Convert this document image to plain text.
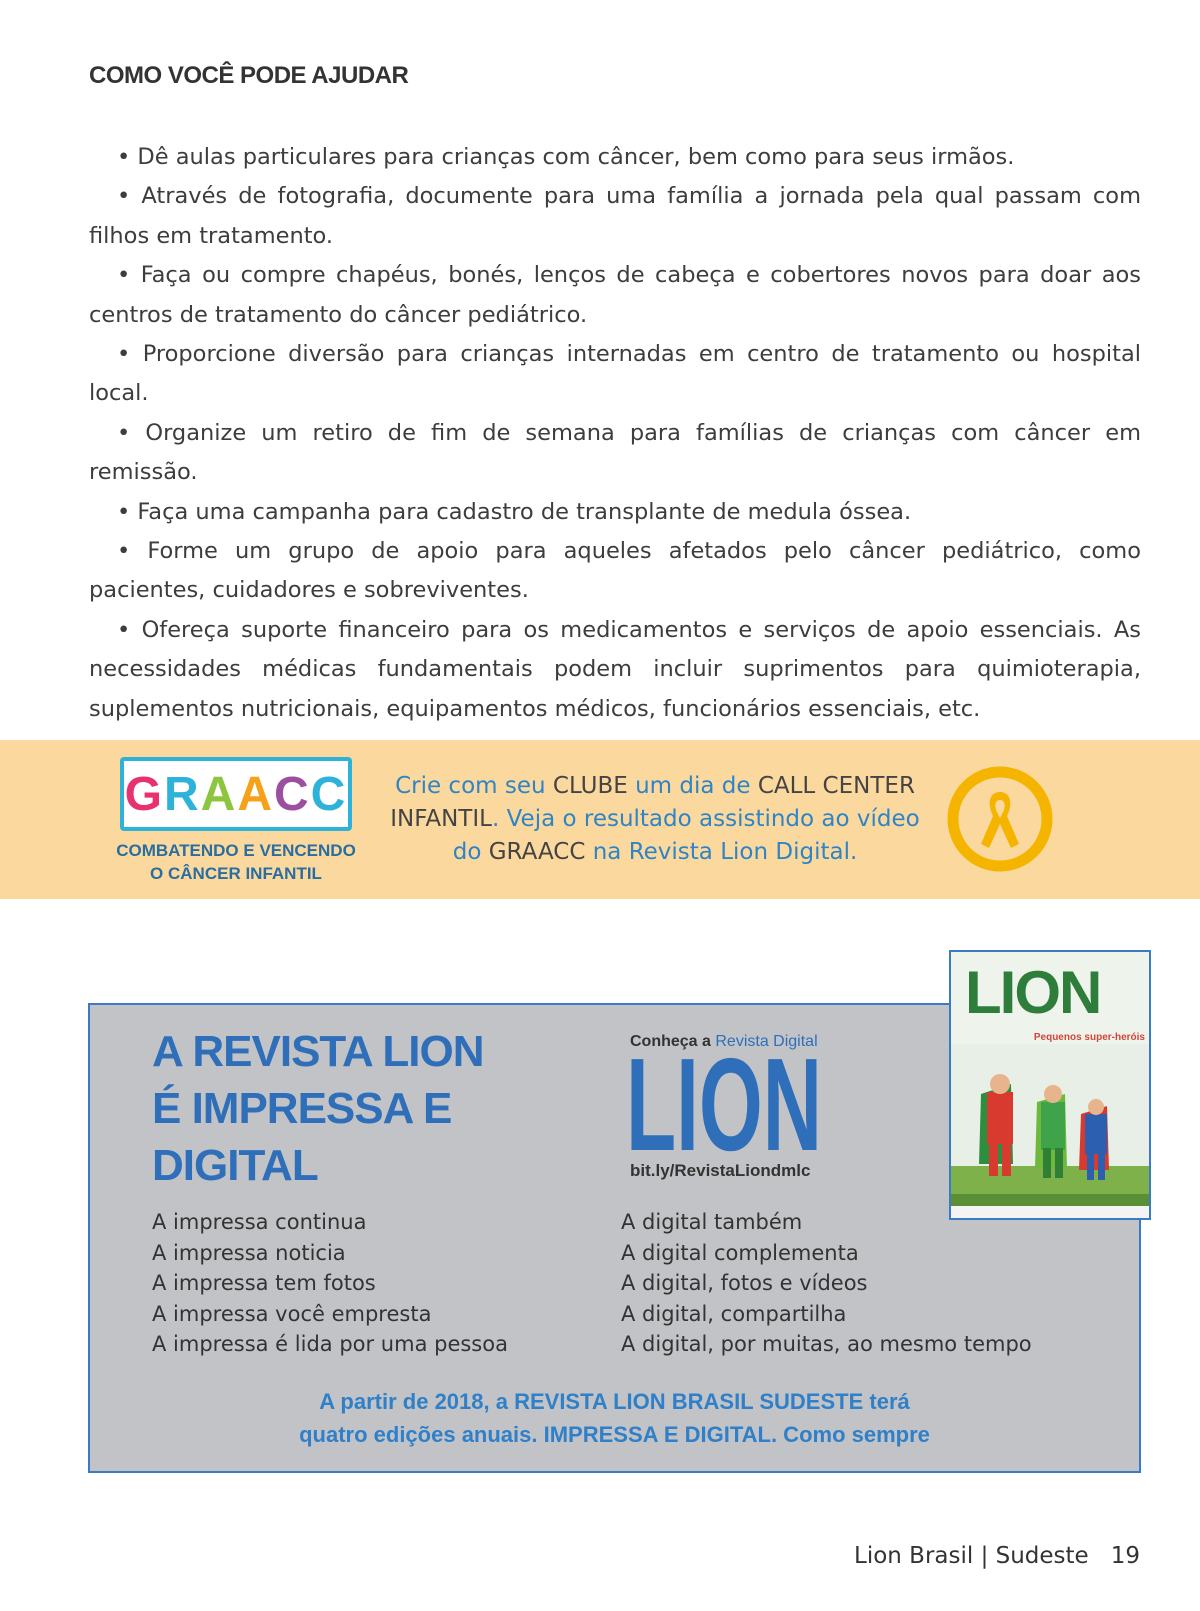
COMO VOCÊ PODE AJUDAR

• Dê aulas particulares para crianças com câncer, bem como para seus irmãos.

• Através de fotografia, documente para uma família a jornada pela qual passam com filhos em tratamento.

• Faça ou compre chapéus, bonés, lenços de cabeça e cobertores novos para doar aos centros de tratamento do câncer pediátrico.

• Proporcione diversão para crianças internadas em centro de tratamento ou hospital local.

• Organize um retiro de fim de semana para famílias de crianças com câncer em remissão.

• Faça uma campanha para cadastro de transplante de medula óssea.

• Forme um grupo de apoio para aqueles afetados pelo câncer pediátrico, como pacientes, cuidadores e sobreviventes.

• Ofereça suporte financeiro para os medicamentos e serviços de apoio essenciais. As necessidades médicas fundamentais podem incluir suprimentos para quimioterapia, suplementos nutricionais, equipamentos médicos, funcionários essenciais, etc.

G R A A C C
COMBATENDO E VENCENDO
O CÂNCER INFANTIL
Crie com seu CLUBE um dia de CALL CENTER INFANTIL. Veja o resultado assistindo ao vídeo do GRAACC na Revista Lion Digital.
A REVISTA LION
É IMPRESSA E
DIGITAL
Conheça a Revista Digital
LION
bit.ly/RevistaLiondmlc
A impressa continua
A impressa noticia
A impressa tem fotos
A impressa você empresta
A impressa é lida por uma pessoa
A digital também
A digital complementa
A digital, fotos e vídeos
A digital, compartilha
A digital, por muitas, ao mesmo tempo
A partir de 2018, a REVISTA LION BRASIL SUDESTE terá
quatro edições anuais. IMPRESSA E DIGITAL. Como sempre
LION
Pequenos super-heróis
Lion Brasil | Sudeste 19
